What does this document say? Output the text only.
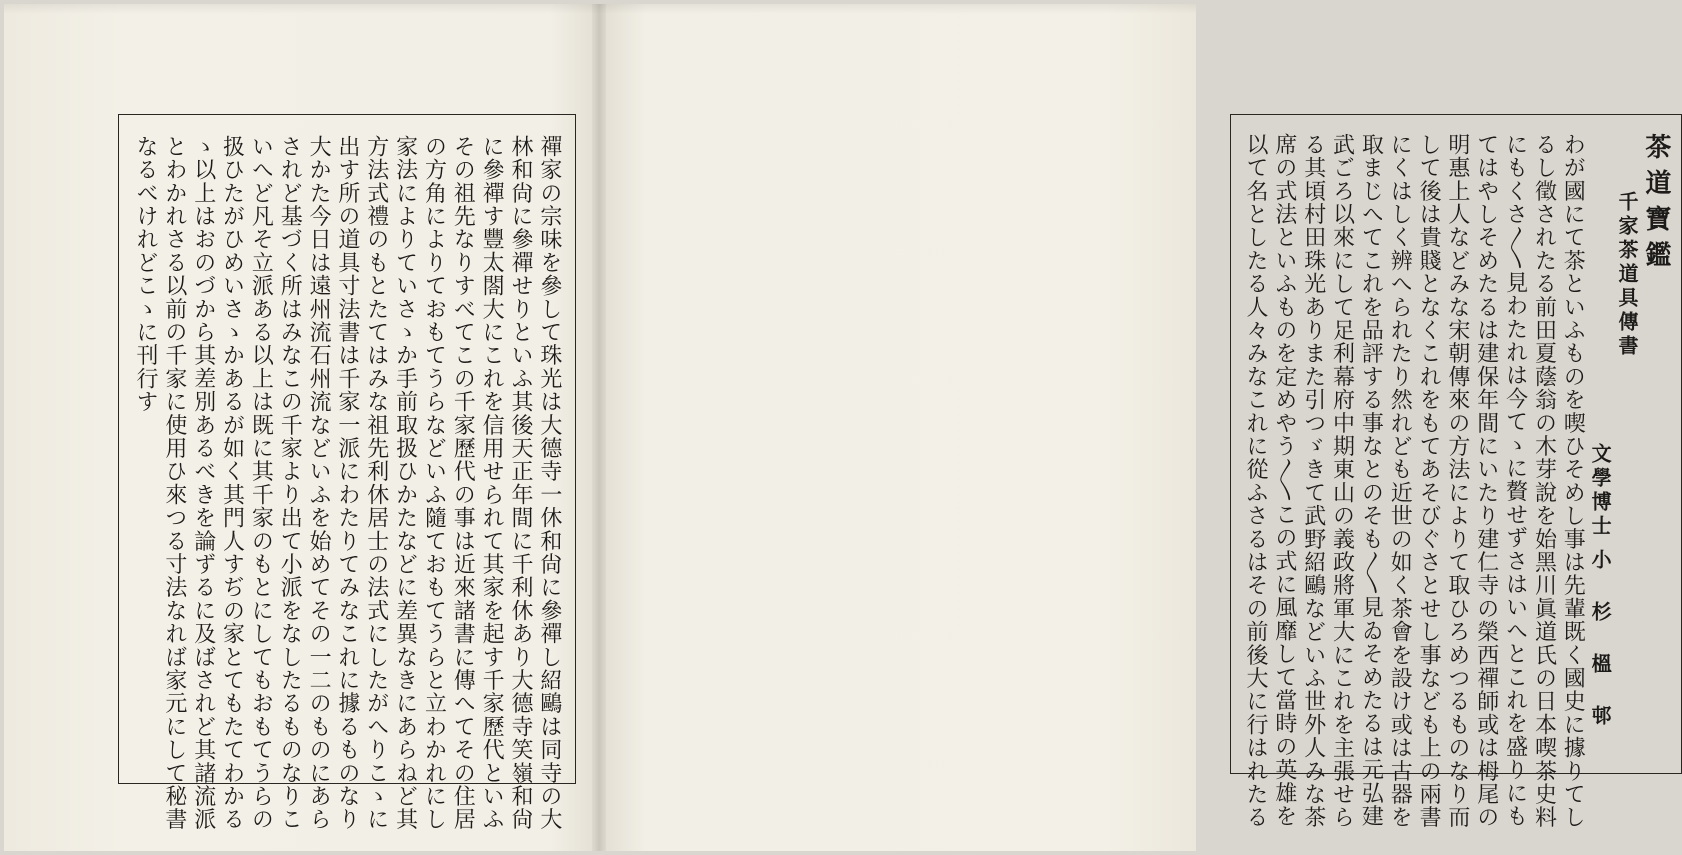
禪家の宗味を參して珠光は大德寺一休和尙に參禪し紹鷗は同寺の大
林和尙に參禪せりといふ其後天正年間に千利休あり大德寺笑嶺和尙
に參禪す豐太閤大にこれを信用せられて其家を起す千家歷代といふ
その祖先なりすべてこの千家歷代の事は近來諸書に傳へてその住居
の方角によりておもてうらなどいふ隨ておもてうらと立わかれにし
家法によりていさゝか手前取扱ひかたなどに差異なきにあらねど其
方法式禮のもとたてはみな祖先利休居士の法式にしたがへりこゝに
出す所の道具寸法書は千家一派にわたりてみなこれに據るものなり
大かた今日は遠州流石州流などいふを始めてその一二のものにあら
されど基づく所はみなこの千家より出て小派をなしたるものなりこ
いへど凡そ立派ある以上は既に其千家のもとにしてもおもてうらの
扱ひたがひめいさゝかあるが如く其門人すぢの家とてもたてわかる
ゝ以上はおのづから其差別あるべきを論ずるに及ばされど其諸流派
とわかれさる以前の千家に使用ひ來つる寸法なれば家元にして秘書
なるべけれどこゝに刊行す	茶道寶鑑
千家茶道具傳書
文學博士
小杉榲邨
わが國にて茶といふものを喫ひそめし事は先輩既く國史に據りてし
るし徵されたる前田夏蔭翁の木芽說を始黑川眞道氏の日本喫茶史料
にもくさ〳〵見わたれは今てゝに贅せずさはいへとこれを盛りにも
てはやしそめたるは建保年間にいたり建仁寺の榮西禪師或は栂尾の
明惠上人などみな宋朝傳來の方法によりて取ひろめつるものなり而
して後は貴賤となくこれをもてあそびぐさとせし事なども上の兩書
にくはしく辨へられたり然れども近世の如く茶會を設け或は古器を
取まじへてこれを品評する事なとのそも〳〵見ゐそめたるは元弘建
武ごろ以來にして足利幕府中期東山の義政將軍大にこれを主張せら
る其頃村田珠光ありまた引つゞきて武野紹鷗などいふ世外人みな茶
席の式法といふものを定めやう〳〵この式に風靡して當時の英雄を
以て名としたる人々みなこれに從ふさるはその前後大に行はれたる
